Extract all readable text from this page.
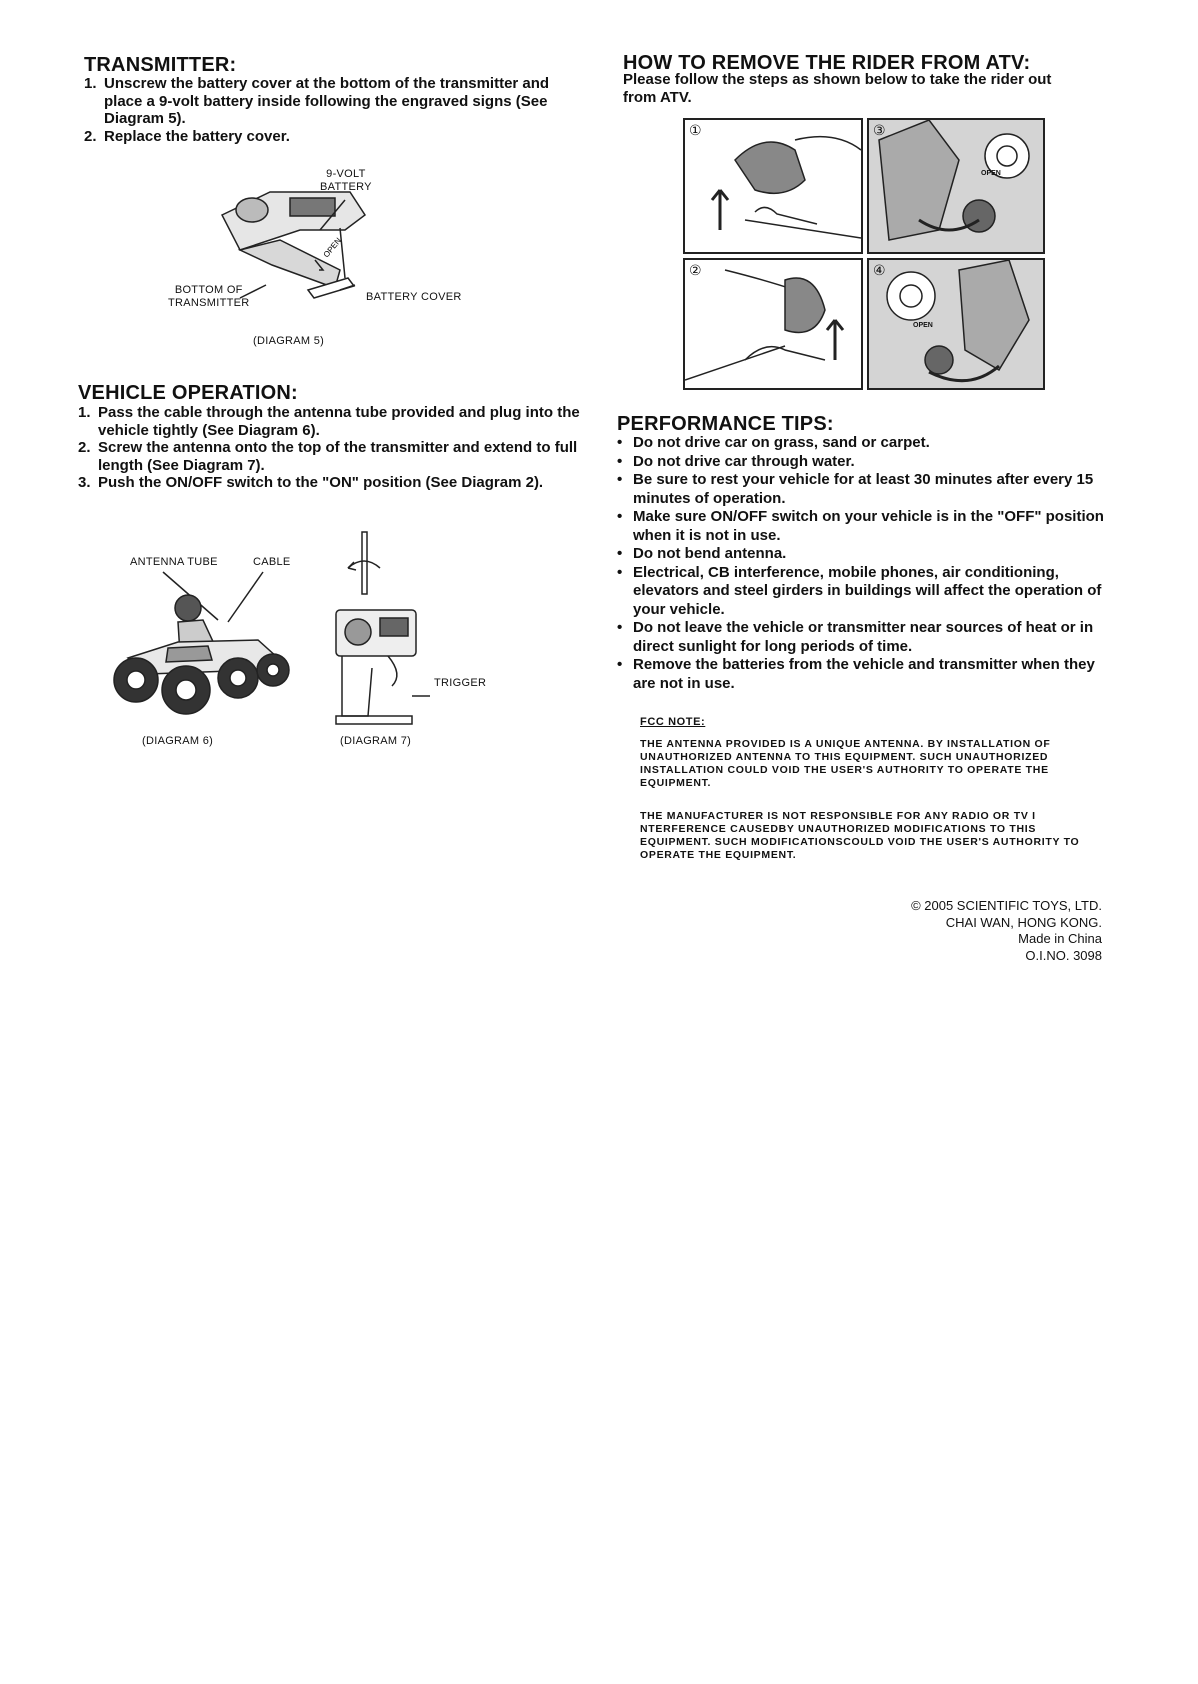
TRANSMITTER:
1. Unscrew the battery cover at the bottom of the transmitter and place a 9-volt battery inside following the engraved signs (See Diagram 5).
2. Replace the battery cover.
OPEN
9-VOLT
BATTERY
BOTTOM OF
TRANSMITTER	BATTERY COVER
(DIAGRAM 5)
VEHICLE OPERATION:
1. Pass the cable through the antenna tube provided and plug into the vehicle tightly (See Diagram 6).
2. Screw the antenna onto the top of the transmitter and extend to full length (See Diagram 7).
3. Push the ON/OFF switch to the "ON" position (See Diagram 2).
ANTENNA TUBE	CABLE
(DIAGRAM 6)
TRIGGER
(DIAGRAM 7)
HOW TO REMOVE THE RIDER FROM ATV:

Please follow the steps as shown below to take the rider out from ATV.

①	③
OPEN
②	④
OPEN
PERFORMANCE TIPS:
• Do not drive car on grass, sand or carpet.
• Do not drive car through water.
• Be sure to rest your vehicle for at least 30 minutes after every 15 minutes of operation.
• Make sure ON/OFF switch on your vehicle is in the "OFF" position when it is not in use.
• Do not bend antenna.
• Electrical, CB interference, mobile phones, air conditioning, elevators and steel girders in buildings will affect the operation of your vehicle.
• Do not leave the vehicle or transmitter near sources of heat or in direct sunlight for long periods of time.
• Remove the batteries from the vehicle and transmitter when they are not in use.
FCC NOTE:

THE ANTENNA PROVIDED IS A UNIQUE ANTENNA. BY INSTALLATION OF UNAUTHORIZED ANTENNA TO THIS EQUIPMENT. SUCH UNAUTHORIZED INSTALLATION COULD VOID THE USER'S AUTHORITY TO OPERATE THE EQUIPMENT.

THE MANUFACTURER IS NOT RESPONSIBLE FOR ANY RADIO OR TV I NTERFERENCE CAUSEDBY UNAUTHORIZED MODIFICATIONS TO THIS EQUIPMENT. SUCH MODIFICATIONSCOULD VOID THE USER'S AUTHORITY TO OPERATE THE EQUIPMENT.

© 2005 SCIENTIFIC TOYS, LTD.
CHAI WAN, HONG KONG.
Made in China
O.I.NO. 3098
